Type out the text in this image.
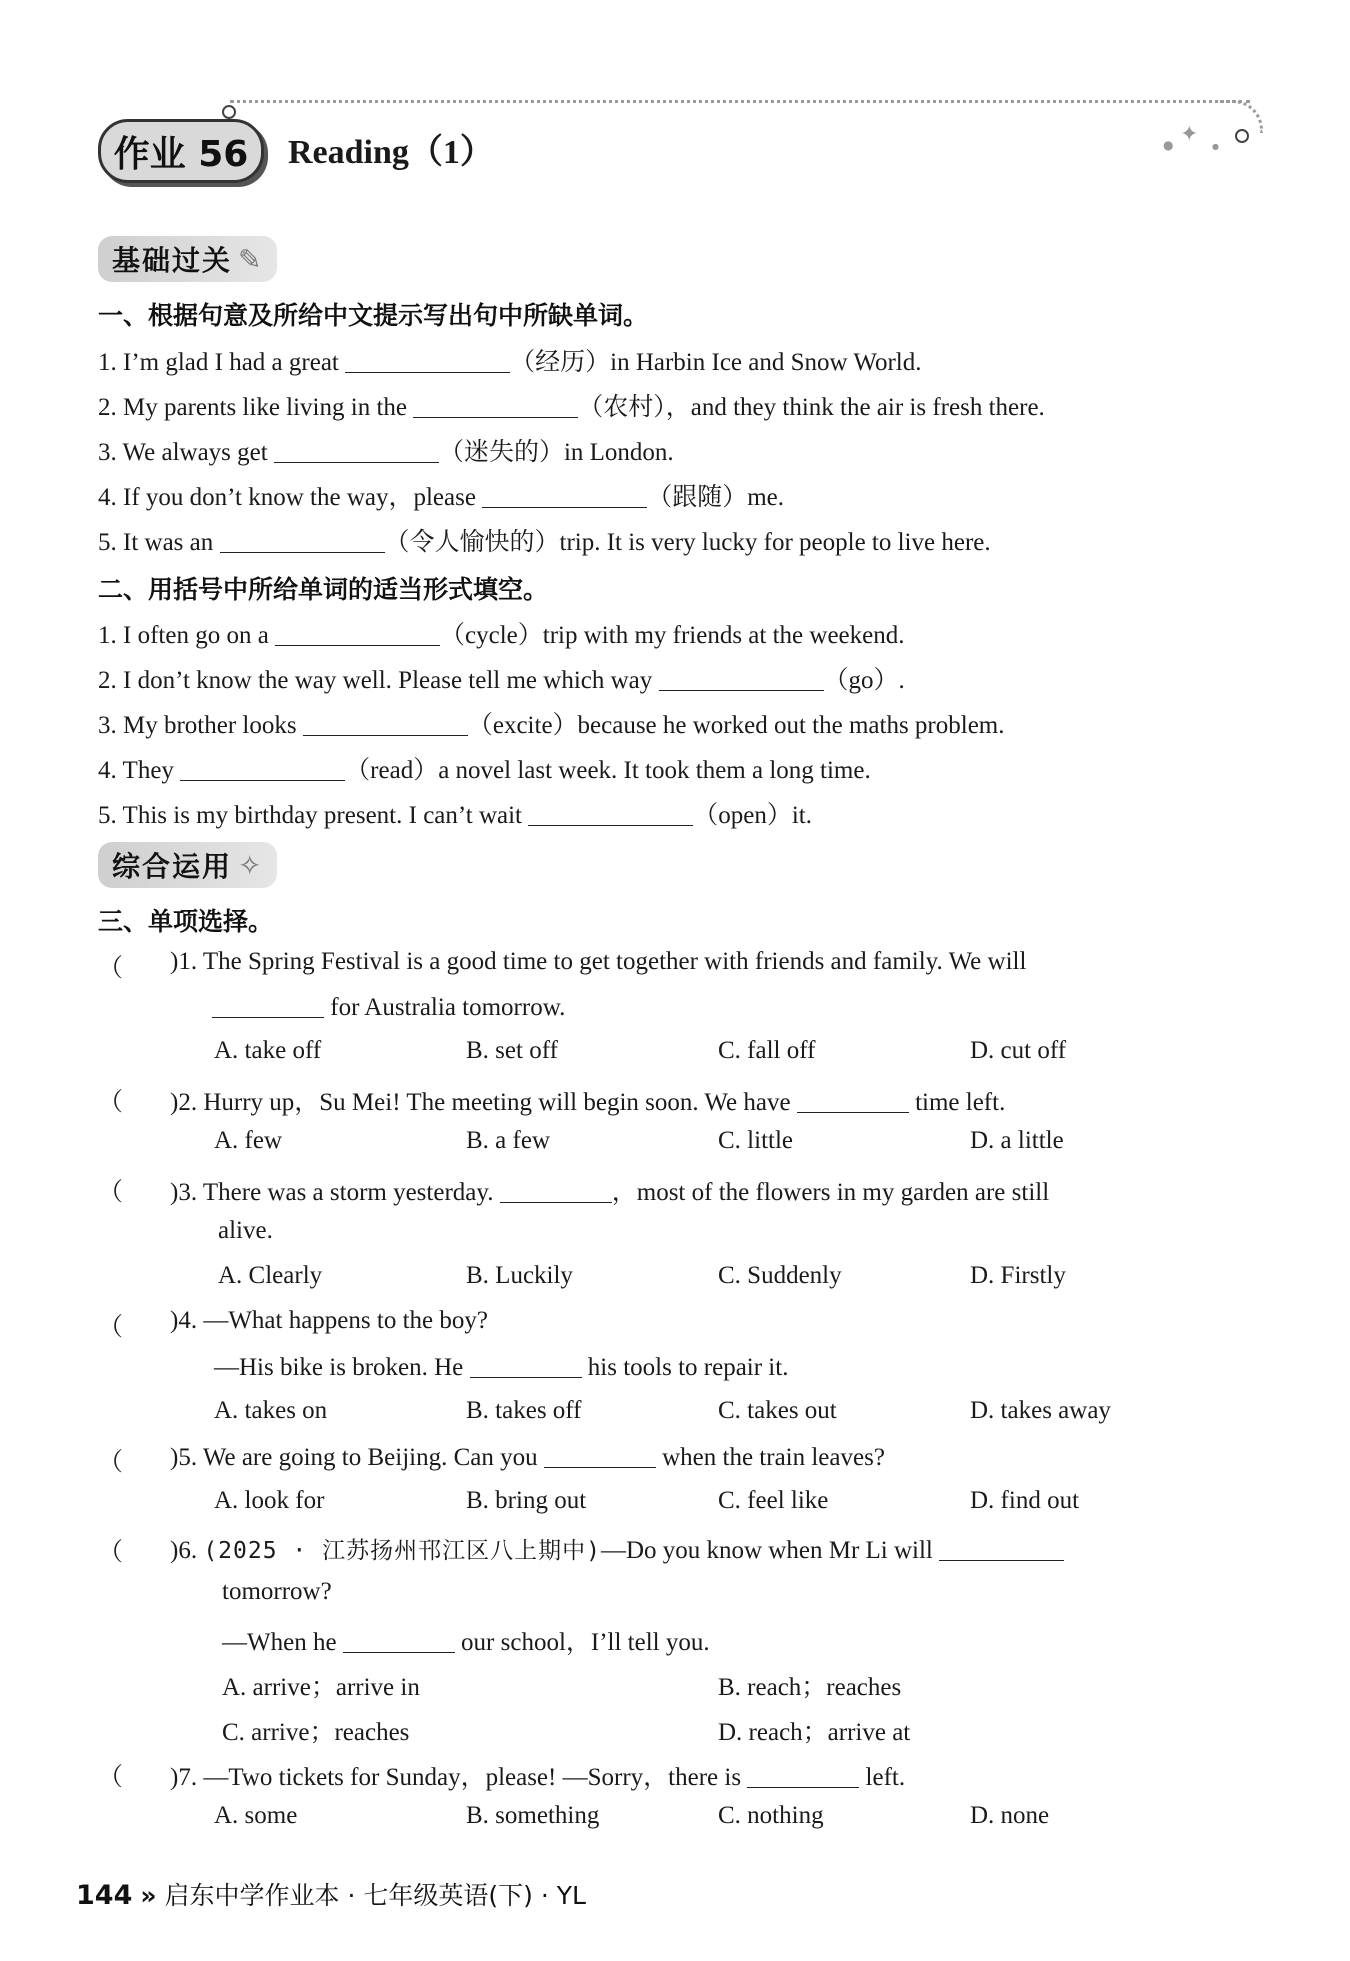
✦
●	●
作业 56	Reading（1）
基础过关 ✎
一、根据句意及所给中文提示写出句中所缺单词。
1. I’m glad I had a great	（经历）in Harbin Ice and Snow World.
2. My parents like living in the	（农村），and they think the air is fresh there.
3. We always get	（迷失的）in London.
4. If you don’t know the way，please	（跟随）me.
5. It was an	（令人愉快的）trip. It is very lucky for people to live here.
二、用括号中所给单词的适当形式填空。
1. I often go on a	（cycle）trip with my friends at the weekend.
2. I don’t know the way well. Please tell me which way	（go）.
3. My brother looks	（excite）because he worked out the maths problem.
4. They	（read）a novel last week. It took them a long time.
5. This is my birthday present. I can’t wait	（open）it.
综合运用 ✧
三、单项选择。
（ )1. The Spring Festival is a good time to get together with friends and family. We will
for Australia tomorrow.
A. take off	B. set off	C. fall off	D. cut off
（ )2. Hurry up，Su Mei! The meeting will begin soon. We have	time left.
A. few	B. a few	C. little	D. a little
（ )3. There was a storm yesterday.	，most of the flowers in my garden are still
alive.
A. Clearly	B. Luckily	C. Suddenly	D. Firstly
（ )4. —What happens to the boy?
—His bike is broken. He	his tools to repair it.
A. takes on	B. takes off	C. takes out	D. takes away
（ )5. We are going to Beijing. Can you	when the train leaves?
A. look for	B. bring out	C. feel like	D. find out
（ )6. (2025 · 江苏扬州邗江区八上期中)—Do you know when Mr Li will
tomorrow?
—When he	our school，I’ll tell you.
A. arrive；arrive in	B. reach；reaches
C. arrive；reaches	D. reach；arrive at
（ )7. —Two tickets for Sunday，please! —Sorry，there is	left.
A. some	B. something	C. nothing	D. none
144 » 启东中学作业本 · 七年级英语(下) · YL
